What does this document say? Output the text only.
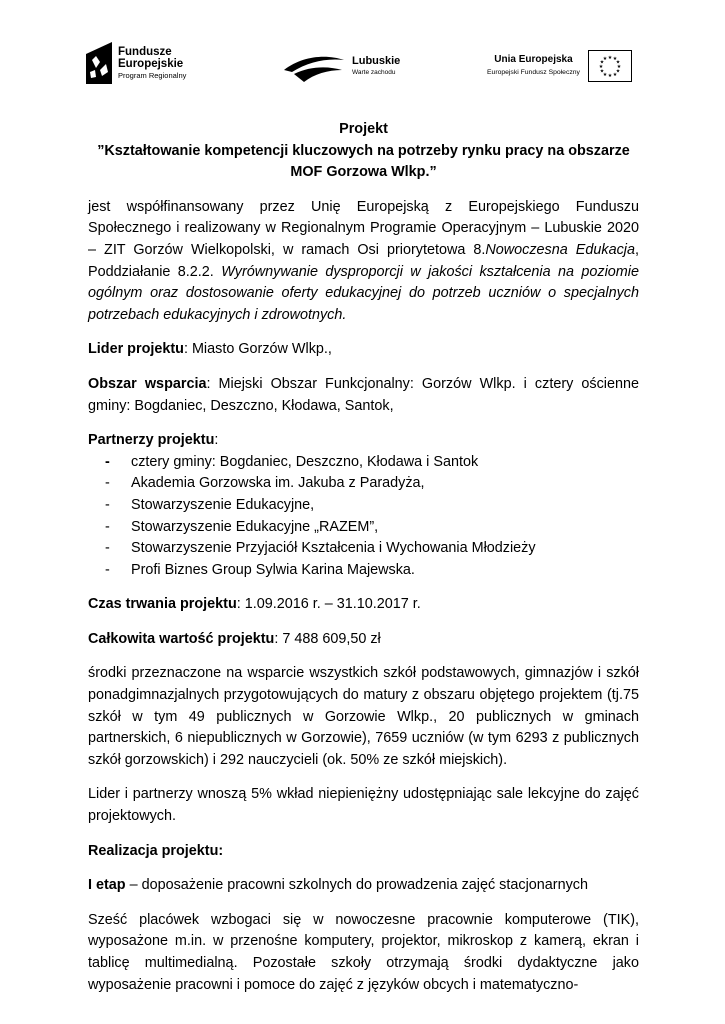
Fundusze
Europejskie
Program Regionalny
Lubuskie
Warte zachodu
Unia Europejska
Europejski Fundusz Społeczny
★ ★
★
★
★
★
★
★
★
★
★
★
Projekt
”Kształtowanie kompetencji kluczowych na potrzeby rynku pracy na obszarze
MOF Gorzowa Wlkp.”

jest współfinansowany przez Unię Europejską z Europejskiego Funduszu Społecznego i realizowany w Regionalnym Programie Operacyjnym – Lubuskie 2020 – ZIT Gorzów Wielkopolski, w ramach Osi priorytetowa 8.Nowoczesna Edukacja, Poddziałanie 8.2.2. Wyrównywanie dysproporcji w jakości kształcenia na poziomie ogólnym oraz dostosowanie oferty edukacyjnej do potrzeb uczniów o specjalnych potrzebach edukacyjnych i zdrowotnych.

Lider projektu: Miasto Gorzów Wlkp.,

Obszar wsparcia: Miejski Obszar Funkcjonalny: Gorzów Wlkp. i cztery ościenne gminy: Bogdaniec, Deszczno, Kłodawa, Santok,

Partnerzy projektu:

- cztery gminy: Bogdaniec, Deszczno, Kłodawa i Santok
- Akademia Gorzowska im. Jakuba z Paradyża,
- Stowarzyszenie Edukacyjne,
- Stowarzyszenie Edukacyjne „RAZEM”,
- Stowarzyszenie Przyjaciół Kształcenia i Wychowania Młodzieży
- Profi Biznes Group Sylwia Karina Majewska.

Czas trwania projektu: 1.09.2016 r. – 31.10.2017 r.

Całkowita wartość projektu: 7 488 609,50 zł

środki przeznaczone na wsparcie wszystkich szkół podstawowych, gimnazjów i szkół ponadgimnazjalnych przygotowujących do matury z obszaru objętego projektem (tj.75 szkół w tym 49 publicznych w Gorzowie Wlkp., 20 publicznych w gminach partnerskich, 6 niepublicznych w Gorzowie), 7659 uczniów (w tym 6293 z publicznych szkół gorzowskich) i 292 nauczycieli (ok. 50% ze szkół miejskich).

Lider i partnerzy wnoszą 5% wkład niepieniężny udostępniając sale lekcyjne do zajęć projektowych.

Realizacja projektu:

I etap – doposażenie pracowni szkolnych do prowadzenia zajęć stacjonarnych

Sześć placówek wzbogaci się w nowoczesne pracownie komputerowe (TIK), wyposażone m.in. w przenośne komputery, projektor, mikroskop z kamerą, ekran i tablicę multimedialną. Pozostałe szkoły otrzymają środki dydaktyczne jako wyposażenie pracowni i pomoce do zajęć z języków obcych i matematyczno-
